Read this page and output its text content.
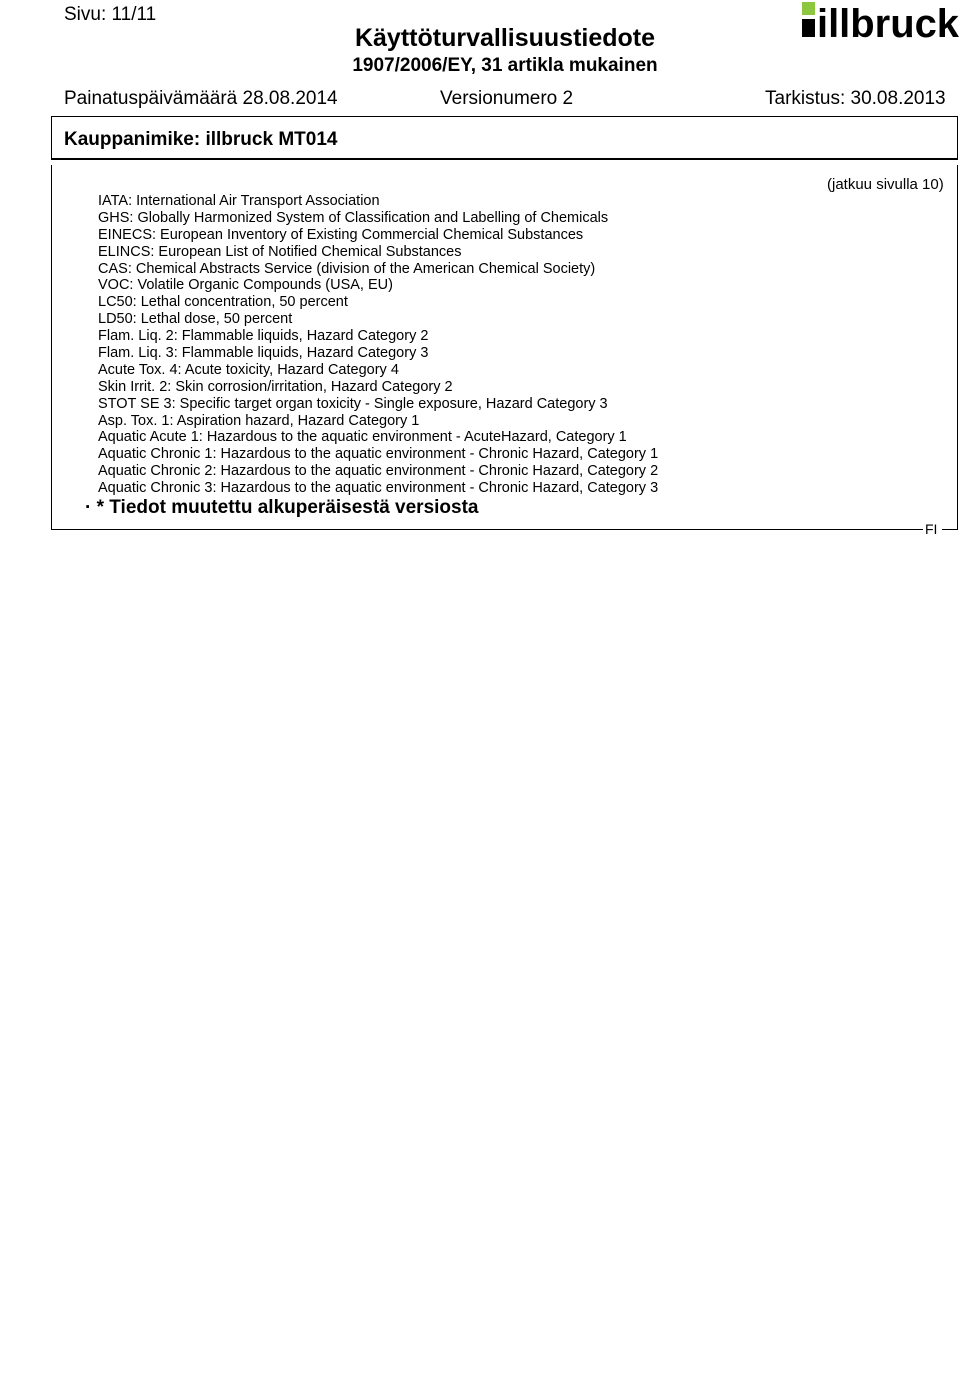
Sivu: 11/11
Käyttöturvallisuustiedote
1907/2006/EY, 31 artikla mukainen
illbruck
Painatuspäivämäärä 28.08.2014	Versionumero 2	Tarkistus: 30.08.2013
Kauppanimike: illbruck MT014
(jatkuu sivulla 10)
IATA: International Air Transport Association
GHS: Globally Harmonized System of Classification and Labelling of Chemicals
EINECS: European Inventory of Existing Commercial Chemical Substances
ELINCS: European List of Notified Chemical Substances
CAS: Chemical Abstracts Service (division of the American Chemical Society)
VOC: Volatile Organic Compounds (USA, EU)
LC50: Lethal concentration, 50 percent
LD50: Lethal dose, 50 percent
Flam. Liq. 2: Flammable liquids, Hazard Category 2
Flam. Liq. 3: Flammable liquids, Hazard Category 3
Acute Tox. 4: Acute toxicity, Hazard Category 4
Skin Irrit. 2: Skin corrosion/irritation, Hazard Category 2
STOT SE 3: Specific target organ toxicity - Single exposure, Hazard Category 3
Asp. Tox. 1: Aspiration hazard, Hazard Category 1
Aquatic Acute 1: Hazardous to the aquatic environment - AcuteHazard, Category 1
Aquatic Chronic 1: Hazardous to the aquatic environment - Chronic Hazard, Category 1
Aquatic Chronic 2: Hazardous to the aquatic environment - Chronic Hazard, Category 2
Aquatic Chronic 3: Hazardous to the aquatic environment - Chronic Hazard, Category 3
· * Tiedot muutettu alkuperäisestä versiosta
FI
